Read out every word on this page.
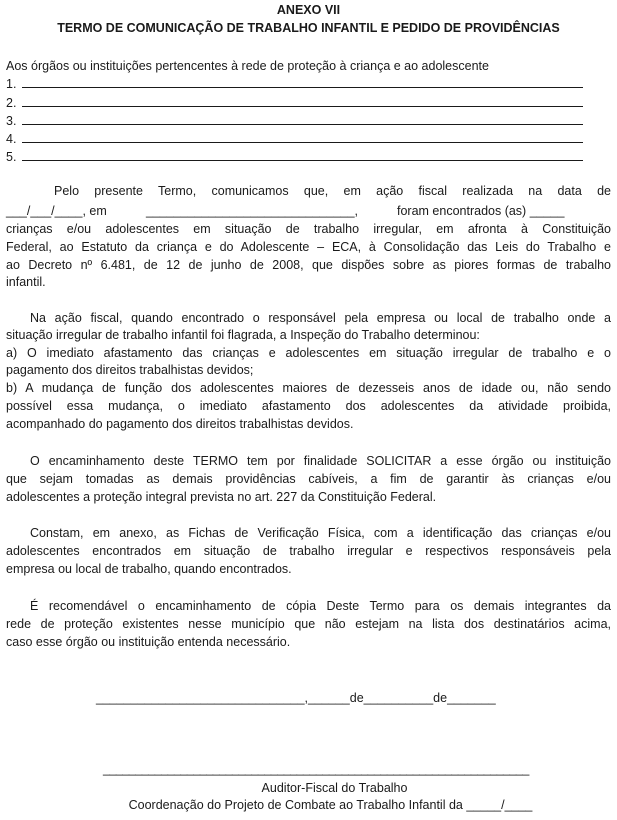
ANEXO VII
TERMO DE COMUNICAÇÃO DE TRABALHO INFANTIL E PEDIDO DE PROVIDÊNCIAS
Aos órgãos ou instituições pertencentes à rede de proteção à criança e ao adolescente
1.
2.
3.
4.
5.
Pelo presente Termo, comunicamos que, em ação fiscal realizada na data de
___/___/____, em	______________________________,	foram encontrados (as) _____
crianças e/ou adolescentes em situação de trabalho irregular, em afronta à Constituição
Federal, ao Estatuto da criança e do Adolescente – ECA, à Consolidação das Leis do Trabalho e
ao Decreto nº 6.481, de 12 de junho de 2008, que dispões sobre as piores formas de trabalho
infantil.
Na ação fiscal, quando encontrado o responsável pela empresa ou local de trabalho onde a
situação irregular de trabalho infantil foi flagrada, a Inspeção do Trabalho determinou:
a) O imediato afastamento das crianças e adolescentes em situação irregular de trabalho e o
pagamento dos direitos trabalhistas devidos;
b) A mudança de função dos adolescentes maiores de dezesseis anos de idade ou, não sendo
possível essa mudança, o imediato afastamento dos adolescentes da atividade proibida,
acompanhado do pagamento dos direitos trabalhistas devidos.
O encaminhamento deste TERMO tem por finalidade SOLICITAR a esse órgão ou instituição
que sejam tomadas as demais providências cabíveis, a fim de garantir às crianças e/ou
adolescentes a proteção integral prevista no art. 227 da Constituição Federal.
Constam, em anexo, as Fichas de Verificação Física, com a identificação das crianças e/ou
adolescentes encontrados em situação de trabalho irregular e respectivos responsáveis pela
empresa ou local de trabalho, quando encontrados.
É recomendável o encaminhamento de cópia Deste Termo para os demais integrantes da
rede de proteção existentes nesse município que não estejam na lista dos destinatários acima,
caso esse órgão ou instituição entenda necessário.
______________________________,______de__________de_______
__________________________________________________________________
Auditor-Fiscal do Trabalho
Coordenação do Projeto de Combate ao Trabalho Infantil da _____/____
